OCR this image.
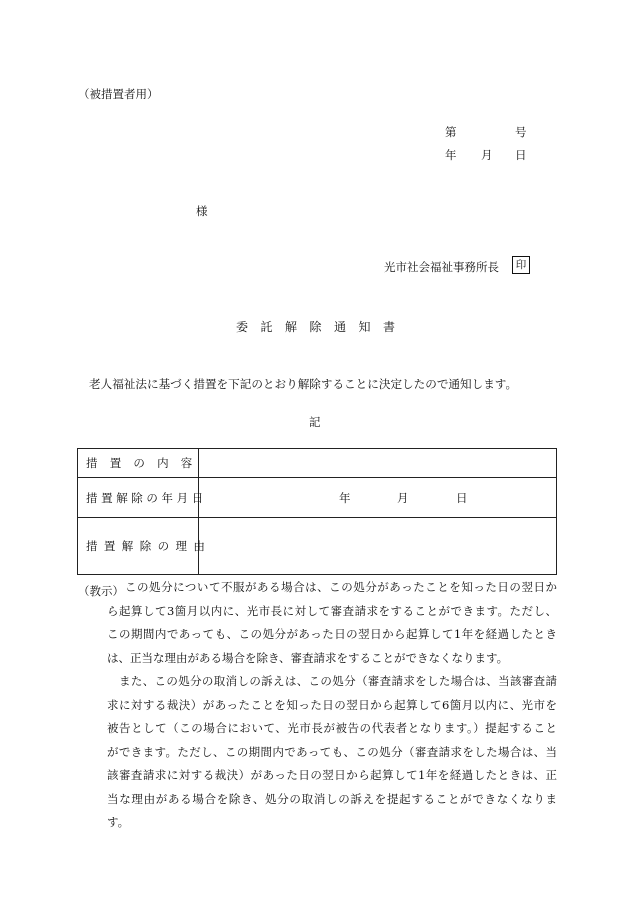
（被措置者用）
第	号
年 月 日
様
光市社会福祉事務所長	印
委託解除通知書
老人福祉法に基づく措置を下記のとおり解除することに決定したので通知します。
記
措置の内容	
措置解除の年月日	年 月 日

措置解除の理由	
（教示） この処分について不服がある場合は、この処分があったことを知った日の翌日か

ら起算して3箇月以内に、光市長に対して審査請求をすることができます。ただし、

この期間内であっても、この処分があった日の翌日から起算して1年を経過したとき

は、正当な理由がある場合を除き、審査請求をすることができなくなります。

また、この処分の取消しの訴えは、この処分（審査請求をした場合は、当該審査請

求に対する裁決）があったことを知った日の翌日から起算して6箇月以内に、光市を

被告として（この場合において、光市長が被告の代表者となります。）提起すること

ができます。ただし、この期間内であっても、この処分（審査請求をした場合は、当

該審査請求に対する裁決）があった日の翌日から起算して1年を経過したときは、正

当な理由がある場合を除き、処分の取消しの訴えを提起することができなくなりま

す。
